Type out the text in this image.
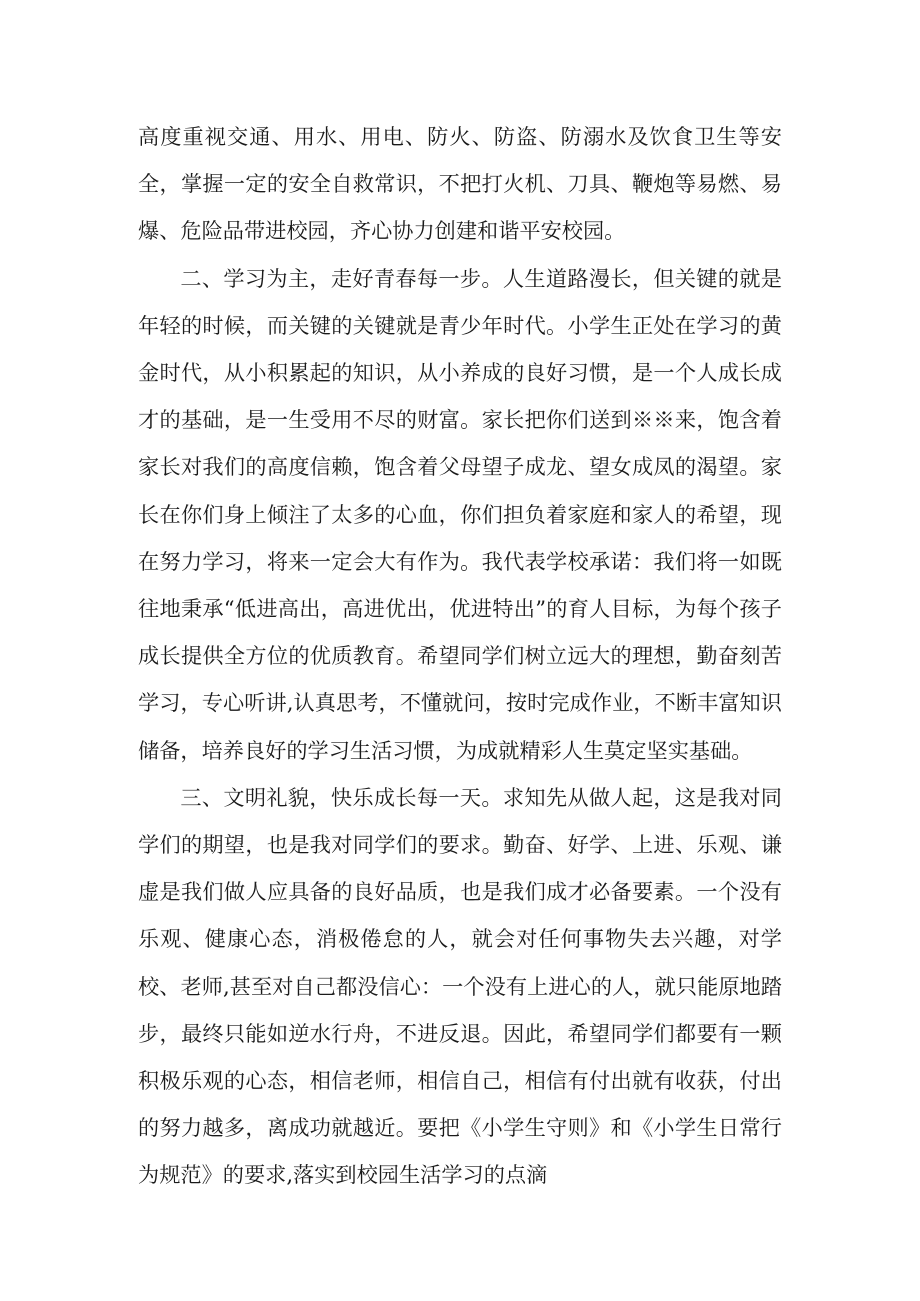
高度重视交通、用水、用电、防火、防盗、防溺水及饮食卫生等安全，掌握一定的安全自救常识，不把打火机、刀具、鞭炮等易燃、易爆、危险品带进校园，齐心协力创建和谐平安校园。

二、学习为主，走好青春每一步。人生道路漫长，但关键的就是年轻的时候，而关键的关键就是青少年时代。小学生正处在学习的黄金时代，从小积累起的知识，从小养成的良好习惯，是一个人成长成才的基础，是一生受用不尽的财富。家长把你们送到※※来，饱含着家长对我们的高度信赖，饱含着父母望子成龙、望女成凤的渴望。家长在你们身上倾注了太多的心血，你们担负着家庭和家人的希望，现在努力学习，将来一定会大有作为。我代表学校承诺：我们将一如既往地秉承“低进高出，高进优出，优进特出”的育人目标，为每个孩子成长提供全方位的优质教育。希望同学们树立远大的理想，勤奋刻苦学习，专心听讲,认真思考，不懂就问，按时完成作业，不断丰富知识储备，培养良好的学习生活习惯，为成就精彩人生莫定坚实基础。

三、文明礼貌，快乐成长每一天。求知先从做人起，这是我对同学们的期望，也是我对同学们的要求。勤奋、好学、上进、乐观、谦虚是我们做人应具备的良好品质，也是我们成才必备要素。一个没有乐观、健康心态，消极倦怠的人，就会对任何事物失去兴趣，对学校、老师,甚至对自己都没信心：一个没有上进心的人，就只能原地踏步，最终只能如逆水行舟，不进反退。因此，希望同学们都要有一颗积极乐观的心态，相信老师，相信自己，相信有付出就有收获，付出的努力越多，离成功就越近。要把《小学生守则》和《小学生日常行为规范》的要求,落实到校园生活学习的点滴
